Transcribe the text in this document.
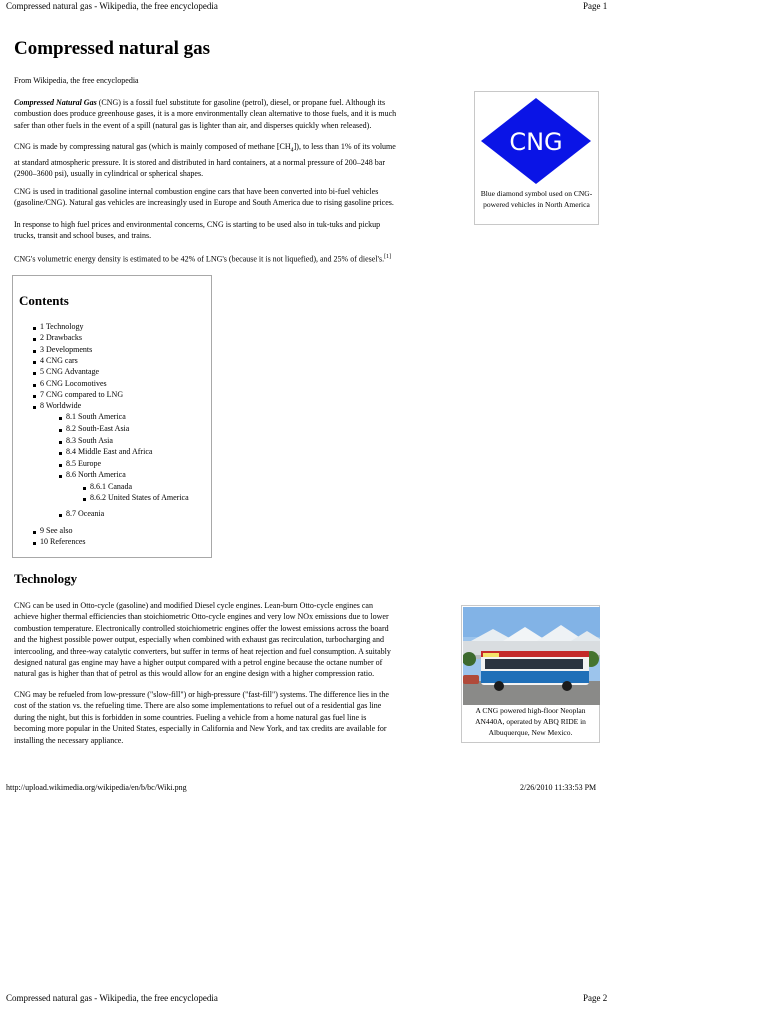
Compressed natural gas - Wikipedia, the free encyclopedia	Page 1
Compressed natural gas

From Wikipedia, the free encyclopedia

Compressed Natural Gas (CNG) is a fossil fuel substitute for gasoline (petrol), diesel, or propane fuel. Although its
combustion does produce greenhouse gases, it is a more environmentally clean alternative to those fuels, and it is much
safer than other fuels in the event of a spill (natural gas is lighter than air, and disperses quickly when released).
CNG is made by compressing natural gas (which is mainly composed of methane $[CH_4]$), to less than 1% of its volume
at standard atmospheric pressure. It is stored and distributed in hard containers, at a normal pressure of 200–248 bar
(2900–3600 psi), usually in cylindrical or spherical shapes.
CNG is used in traditional gasoline internal combustion engine cars that have been converted into bi-fuel vehicles
(gasoline/CNG). Natural gas vehicles are increasingly used in Europe and South America due to rising gasoline prices.
In response to high fuel prices and environmental concerns, CNG is starting to be used also in tuk-tuks and pickup
trucks, transit and school buses, and trains.
CNG's volumetric energy density is estimated to be 42% of LNG's (because it is not liquefied), and 25% of diesel's.[1]
CNG
Blue diamond symbol used on CNG-powered vehicles in North America
Contents
1 Technology
2 Drawbacks
3 Developments
4 CNG cars
5 CNG Advantage
6 CNG Locomotives
7 CNG compared to LNG
8 Worldwide
8.1 South America
8.2 South-East Asia
8.3 South Asia
8.4 Middle East and Africa
8.5 Europe
8.6 North America
8.6.1 Canada
8.6.2 United States of America
8.7 Oceania
9 See also
10 References
Technology
CNG can be used in Otto-cycle (gasoline) and modified Diesel cycle engines. Lean-burn Otto-cycle engines can
achieve higher thermal efficiencies than stoichiometric Otto-cycle engines and very low NOx emissions due to lower
combustion temperature. Electronically controlled stoichiometric engines offer the lowest emissions across the board
and the highest possible power output, especially when combined with exhaust gas recirculation, turbocharging and
intercooling, and three-way catalytic converters, but suffer in terms of heat rejection and fuel consumption. A suitably
designed natural gas engine may have a higher output compared with a petrol engine because the octane number of
natural gas is higher than that of petrol as this would allow for an engine design with a higher compression ratio.
CNG may be refueled from low-pressure ("slow-fill") or high-pressure ("fast-fill") systems. The difference lies in the
cost of the station vs. the refueling time. There are also some implementations to refuel out of a residential gas line
during the night, but this is forbidden in some countries. Fueling a vehicle from a home natural gas fuel line is
becoming more popular in the United States, especially in California and New York, and tax credits are available for
installing the necessary appliance.
A CNG powered high-floor Neoplan AN440A, operated by ABQ RIDE in Albuquerque, New Mexico.
http://upload.wikimedia.org/wikipedia/en/b/bc/Wiki.png	2/26/2010 11:33:53 PM
Compressed natural gas - Wikipedia, the free encyclopedia	Page 2
